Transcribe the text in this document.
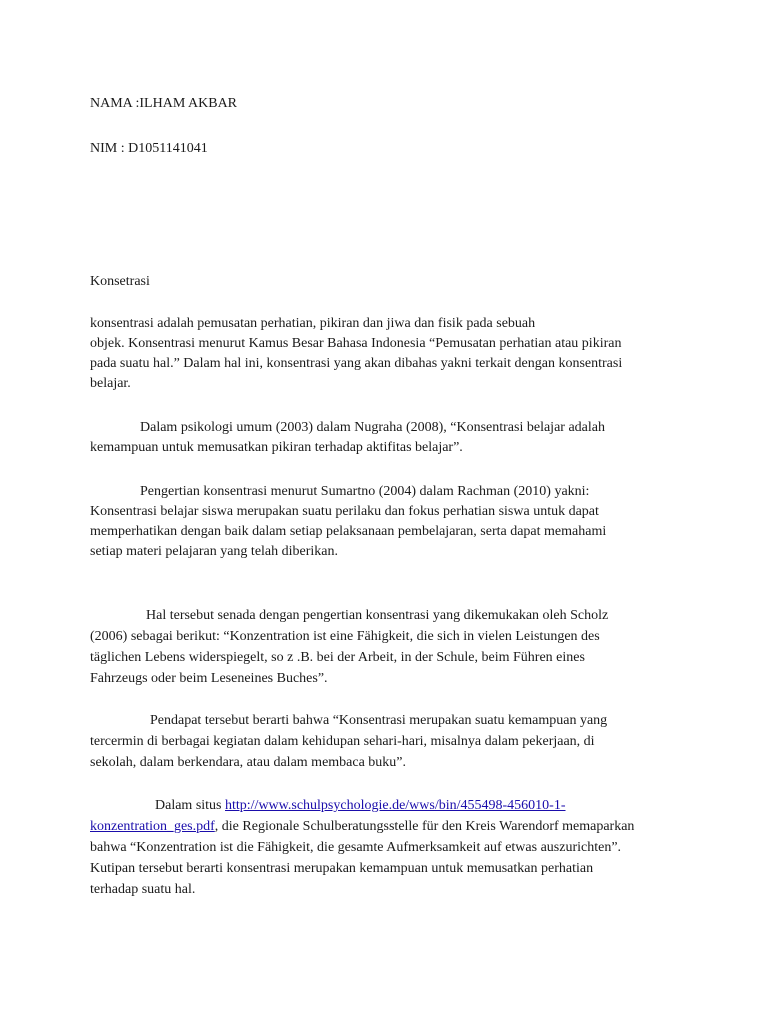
NAMA :ILHAM AKBAR
NIM : D1051141041
Konsetrasi
konsentrasi adalah pemusatan perhatian, pikiran dan jiwa dan fisik pada sebuah
objek. Konsentrasi menurut Kamus Besar Bahasa Indonesia “Pemusatan perhatian atau pikiran
pada suatu hal.” Dalam hal ini, konsentrasi yang akan dibahas yakni terkait dengan konsentrasi
belajar.
Dalam psikologi umum (2003) dalam Nugraha (2008), “Konsentrasi belajar adalah
kemampuan untuk memusatkan pikiran terhadap aktifitas belajar”.
Pengertian konsentrasi menurut Sumartno (2004) dalam Rachman (2010) yakni:
Konsentrasi belajar siswa merupakan suatu perilaku dan fokus perhatian siswa untuk dapat
memperhatikan dengan baik dalam setiap pelaksanaan pembelajaran, serta dapat memahami
setiap materi pelajaran yang telah diberikan.
Hal tersebut senada dengan pengertian konsentrasi yang dikemukakan oleh Scholz
(2006) sebagai berikut: “Konzentration ist eine Fähigkeit, die sich in vielen Leistungen des
täglichen Lebens widerspiegelt, so z .B. bei der Arbeit, in der Schule, beim Führen eines
Fahrzeugs oder beim Leseneines Buches”.
Pendapat tersebut berarti bahwa “Konsentrasi merupakan suatu kemampuan yang
tercermin di berbagai kegiatan dalam kehidupan sehari-hari, misalnya dalam pekerjaan, di
sekolah, dalam berkendara, atau dalam membaca buku”.
Dalam situs http://www.schulpsychologie.de/wws/bin/455498-456010-1-
konzentration_ges.pdf, die Regionale Schulberatungsstelle für den Kreis Warendorf memaparkan
bahwa “Konzentration ist die Fähigkeit, die gesamte Aufmerksamkeit auf etwas auszurichten”.
Kutipan tersebut berarti konsentrasi merupakan kemampuan untuk memusatkan perhatian
terhadap suatu hal.
